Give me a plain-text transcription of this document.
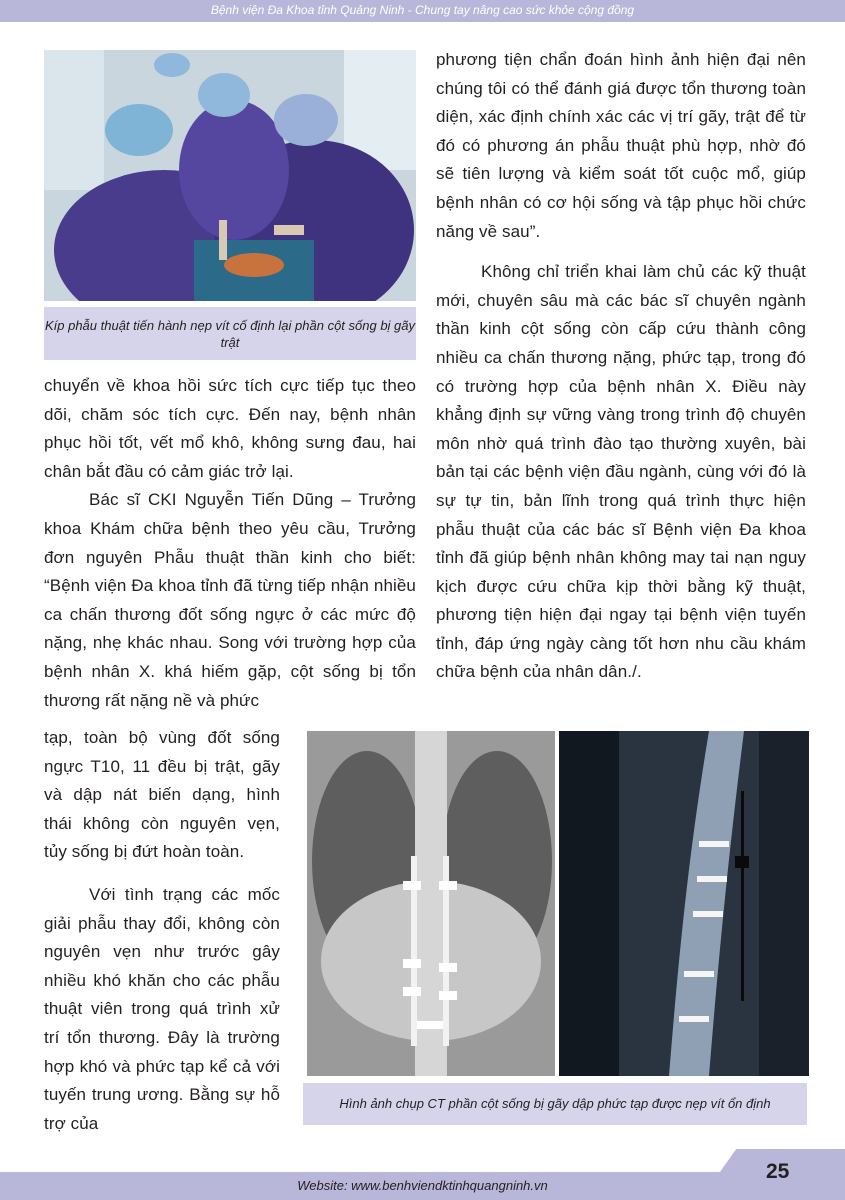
Bệnh viện Đa Khoa tỉnh Quảng Ninh - Chung tay nâng cao sức khỏe cộng đồng
Kíp phẫu thuật tiến hành nẹp vít cố định lại phần cột sống bị gãy trật

chuyển về khoa hồi sức tích cực tiếp tục theo dõi, chăm sóc tích cực. Đến nay, bệnh nhân phục hồi tốt, vết mổ khô, không sưng đau, hai chân bắt đầu có cảm giác trở lại.

Bác sĩ CKI Nguyễn Tiến Dũng – Trưởng khoa Khám chữa bệnh theo yêu cầu, Trưởng đơn nguyên Phẫu thuật thần kinh cho biết: “Bệnh viện Đa khoa tỉnh đã từng tiếp nhận nhiều ca chấn thương đốt sống ngực ở các mức độ nặng, nhẹ khác nhau. Song với trường hợp của bệnh nhân X. khá hiếm gặp, cột sống bị tổn thương rất nặng nề và phức

tạp, toàn bộ vùng đốt sống ngực T10, 11 đều bị trật, gãy và dập nát biến dạng, hình thái không còn nguyên vẹn, tủy sống bị đứt hoàn toàn.

Với tình trạng các mốc giải phẫu thay đổi, không còn nguyên vẹn như trước gây nhiều khó khăn cho các phẫu thuật viên trong quá trình xử trí tổn thương. Đây là trường hợp khó và phức tạp kể cả với tuyến trung ương. Bằng sự hỗ trợ của

phương tiện chẩn đoán hình ảnh hiện đại nên chúng tôi có thể đánh giá được tổn thương toàn diện, xác định chính xác các vị trí gãy, trật để từ đó có phương án phẫu thuật phù hợp, nhờ đó sẽ tiên lượng và kiểm soát tốt cuộc mổ, giúp bệnh nhân có cơ hội sống và tập phục hồi chức năng về sau”.

Không chỉ triển khai làm chủ các kỹ thuật mới, chuyên sâu mà các bác sĩ chuyên ngành thần kinh cột sống còn cấp cứu thành công nhiều ca chấn thương nặng, phức tạp, trong đó có trường hợp của bệnh nhân X. Điều này khẳng định sự vững vàng trong trình độ chuyên môn nhờ quá trình đào tạo thường xuyên, bài bản tại các bệnh viện đầu ngành, cùng với đó là sự tự tin, bản lĩnh trong quá trình thực hiện phẫu thuật của các bác sĩ Bệnh viện Đa khoa tỉnh đã giúp bệnh nhân không may tai nạn nguy kịch được cứu chữa kịp thời bằng kỹ thuật, phương tiện hiện đại ngay tại bệnh viện tuyến tỉnh, đáp ứng ngày càng tốt hơn nhu cầu khám chữa bệnh của nhân dân./.

Hình ảnh chụp CT phần cột sống bị gãy dập phức tạp được nẹp vít ổn định
Website: www.benhviendktinhquangninh.vn
25
